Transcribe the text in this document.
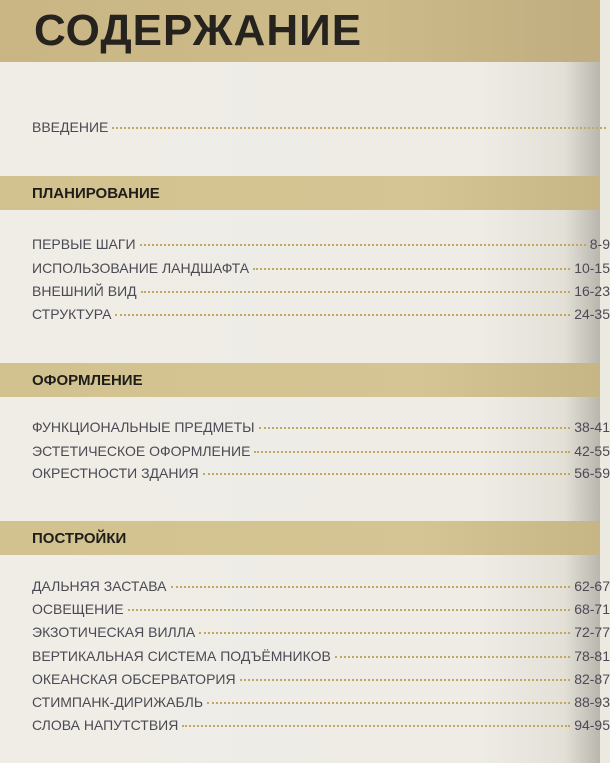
СОДЕРЖАНИЕ
ВВЕДЕНИЕ
ПЛАНИРОВАНИЕ
ПЕРВЫЕ ШАГИ	8-9
ИСПОЛЬЗОВАНИЕ ЛАНДШАФТА	10-15
ВНЕШНИЙ ВИД	16-23
СТРУКТУРА	24-35
ОФОРМЛЕНИЕ
ФУНКЦИОНАЛЬНЫЕ ПРЕДМЕТЫ	38-41
ЭСТЕТИЧЕСКОЕ ОФОРМЛЕНИЕ	42-55
ОКРЕСТНОСТИ ЗДАНИЯ	56-59
ПОСТРОЙКИ
ДАЛЬНЯЯ ЗАСТАВА	62-67
ОСВЕЩЕНИЕ	68-71
ЭКЗОТИЧЕСКАЯ ВИЛЛА	72-77
ВЕРТИКАЛЬНАЯ СИСТЕМА ПОДЪЁМНИКОВ	78-81
ОКЕАНСКАЯ ОБСЕРВАТОРИЯ	82-87
СТИМПАНК-ДИРИЖАБЛЬ	88-93
СЛОВА НАПУТСТВИЯ	94-95
